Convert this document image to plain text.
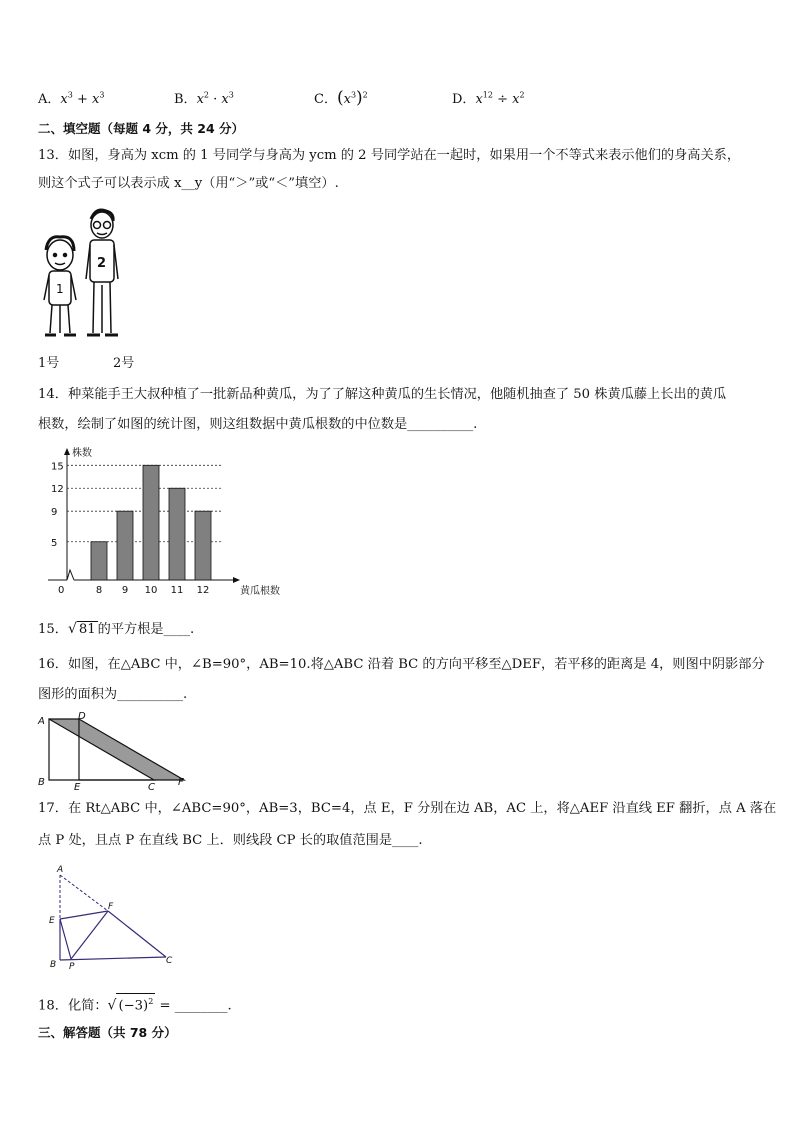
A．$x^3 + x^3$	B．$x^2 \cdot x^3$	C．$(x^3)^2$	D．$x^{12} \div x^2$
二、填空题（每题 4 分，共 24 分）
13．如图，身高为 xcm 的 1 号同学与身高为 ycm 的 2 号同学站在一起时，如果用一个不等式来表示他们的身高关系，
则这个式子可以表示成 x__y（用“＞”或“＜”填空）.
1
2
1号	2号
14．种菜能手王大叔种植了一批新品种黄瓜，为了了解这种黄瓜的生长情况，他随机抽查了 50 株黄瓜藤上长出的黄瓜
根数，绘制了如图的统计图，则这组数据中黄瓜根数的中位数是__________.
株数
黄瓜根数
0	8 9 10 11 12
5
9
12
15
15．√ 81 的平方根是____.
16．如图，在△ABC 中，∠B=90°，AB=10.将△ABC 沿着 BC 的方向平移至△DEF，若平移的距离是 4，则图中阴影部分
图形的面积为__________.
A	D
B	E	C F
17．在 Rt△ABC 中，∠ABC=90°，AB=3，BC=4，点 E，F 分别在边 AB，AC 上，将△AEF 沿直线 EF 翻折，点 A 落在
点 P 处，且点 P 在直线 BC 上．则线段 CP 长的取值范围是____.
A
E
F
B P
C
18．化简：√ $(-3)^2$ = ________.
三、解答题（共 78 分）
